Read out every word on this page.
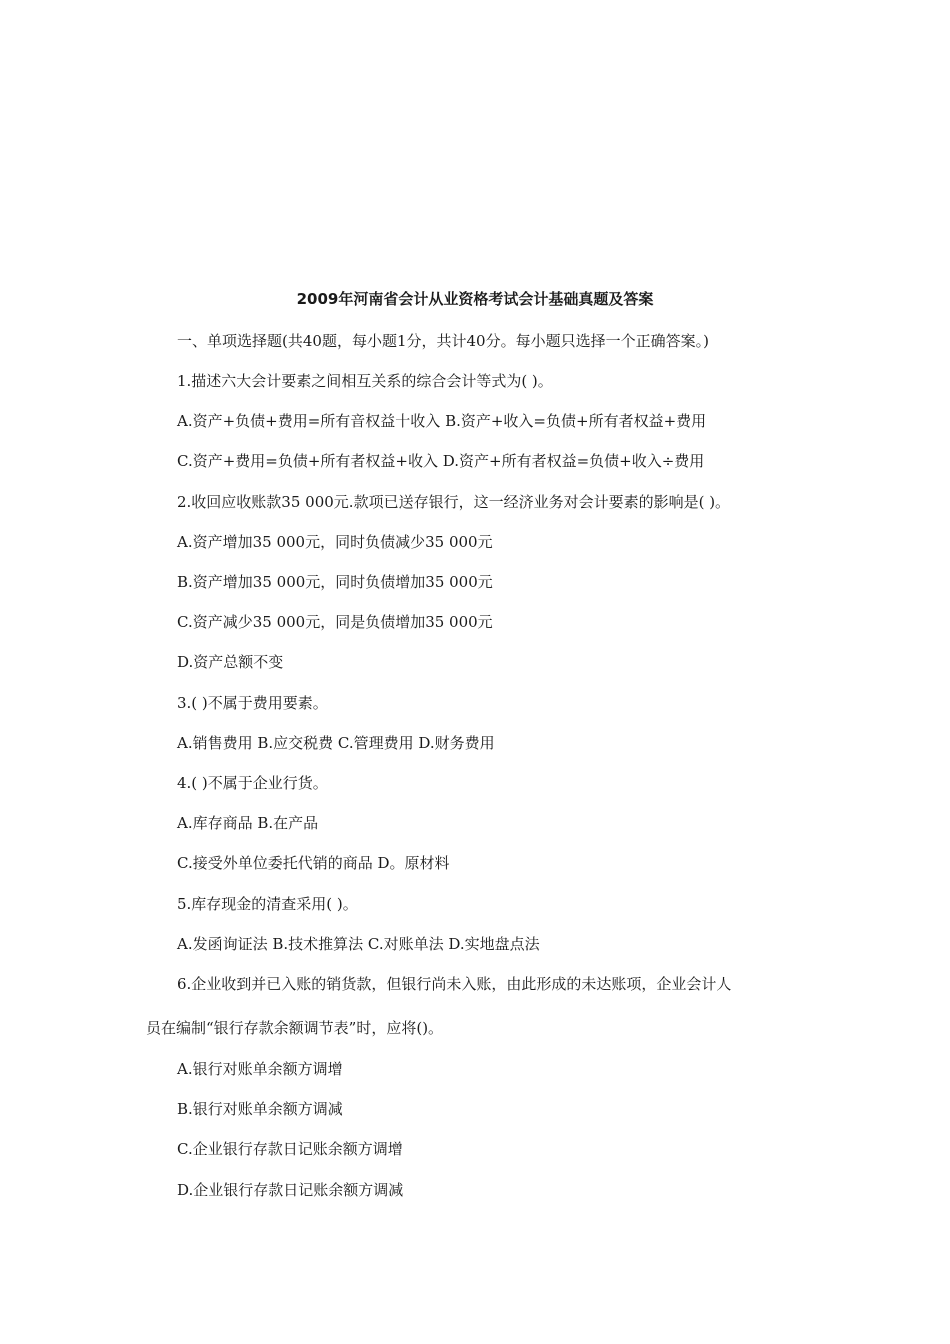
2009年河南省会计从业资格考试会计基础真题及答案
一、单项选择题(共40题，每小题1分，共计40分。每小题只选择一个正确答案。)
1.描述六大会计要素之间相互关系的综合会计等式为( )。
A.资产+负债+费用=所有音权益十收入 B.资产+收入=负债+所有者权益+费用
C.资产+费用=负债+所有者权益+收入 D.资产+所有者权益=负债+收入÷费用
2.收回应收账款35 000元.款项已送存银行，这一经济业务对会计要素的影响是( )。
A.资产增加35 000元，同时负债减少35 000元
B.资产增加35 000元，同时负债增加35 000元
C.资产减少35 000元，同是负债增加35 000元
D.资产总额不变
3.( )不属于费用要素。
A.销售费用 B.应交税费 C.管理费用 D.财务费用
4.( )不属于企业行货。
A.库存商品 B.在产品
C.接受外单位委托代销的商品 D。原材料
5.库存现金的清查采用( )。
A.发函询证法 B.技术推算法 C.对账单法 D.实地盘点法
6.企业收到并已入账的销货款，但银行尚未入账，由此形成的未达账项，企业会计人
员在编制“银行存款余额调节表”时，应将()。
A.银行对账单余额方调增
B.银行对账单余额方调减
C.企业银行存款日记账余额方调增
D.企业银行存款日记账余额方调减
